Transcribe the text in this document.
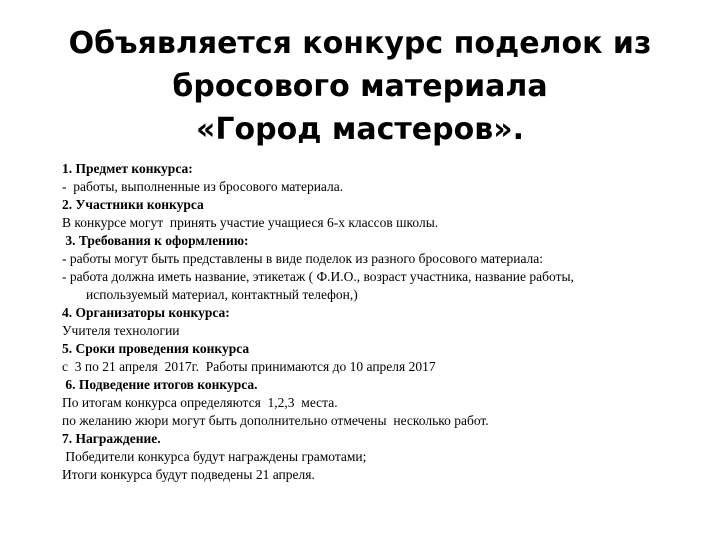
Объявляется конкурс поделок из
бросового материала
«Город мастеров».
1. Предмет конкурса:
-  работы, выполненные из бросового материала.
2. Участники конкурса
В конкурсе могут  принять участие учащиеся 6-х классов школы.
3. Требования к оформлению:
- работы могут быть представлены в виде поделок из разного бросового материала:
- работа должна иметь название, этикетаж ( Ф.И.О., возраст участника, название работы,
используемый материал, контактный телефон,)
4. Организаторы конкурса:
Учителя технологии
5. Сроки проведения конкурса
с  3 по 21 апреля  2017г.  Работы принимаются до 10 апреля 2017
6. Подведение итогов конкурса.
По итогам конкурса определяются  1,2,3  места.
по желанию жюри могут быть дополнительно отмечены  несколько работ.
7. Награждение.
Победители конкурса будут награждены грамотами;
Итоги конкурса будут подведены 21 апреля.
